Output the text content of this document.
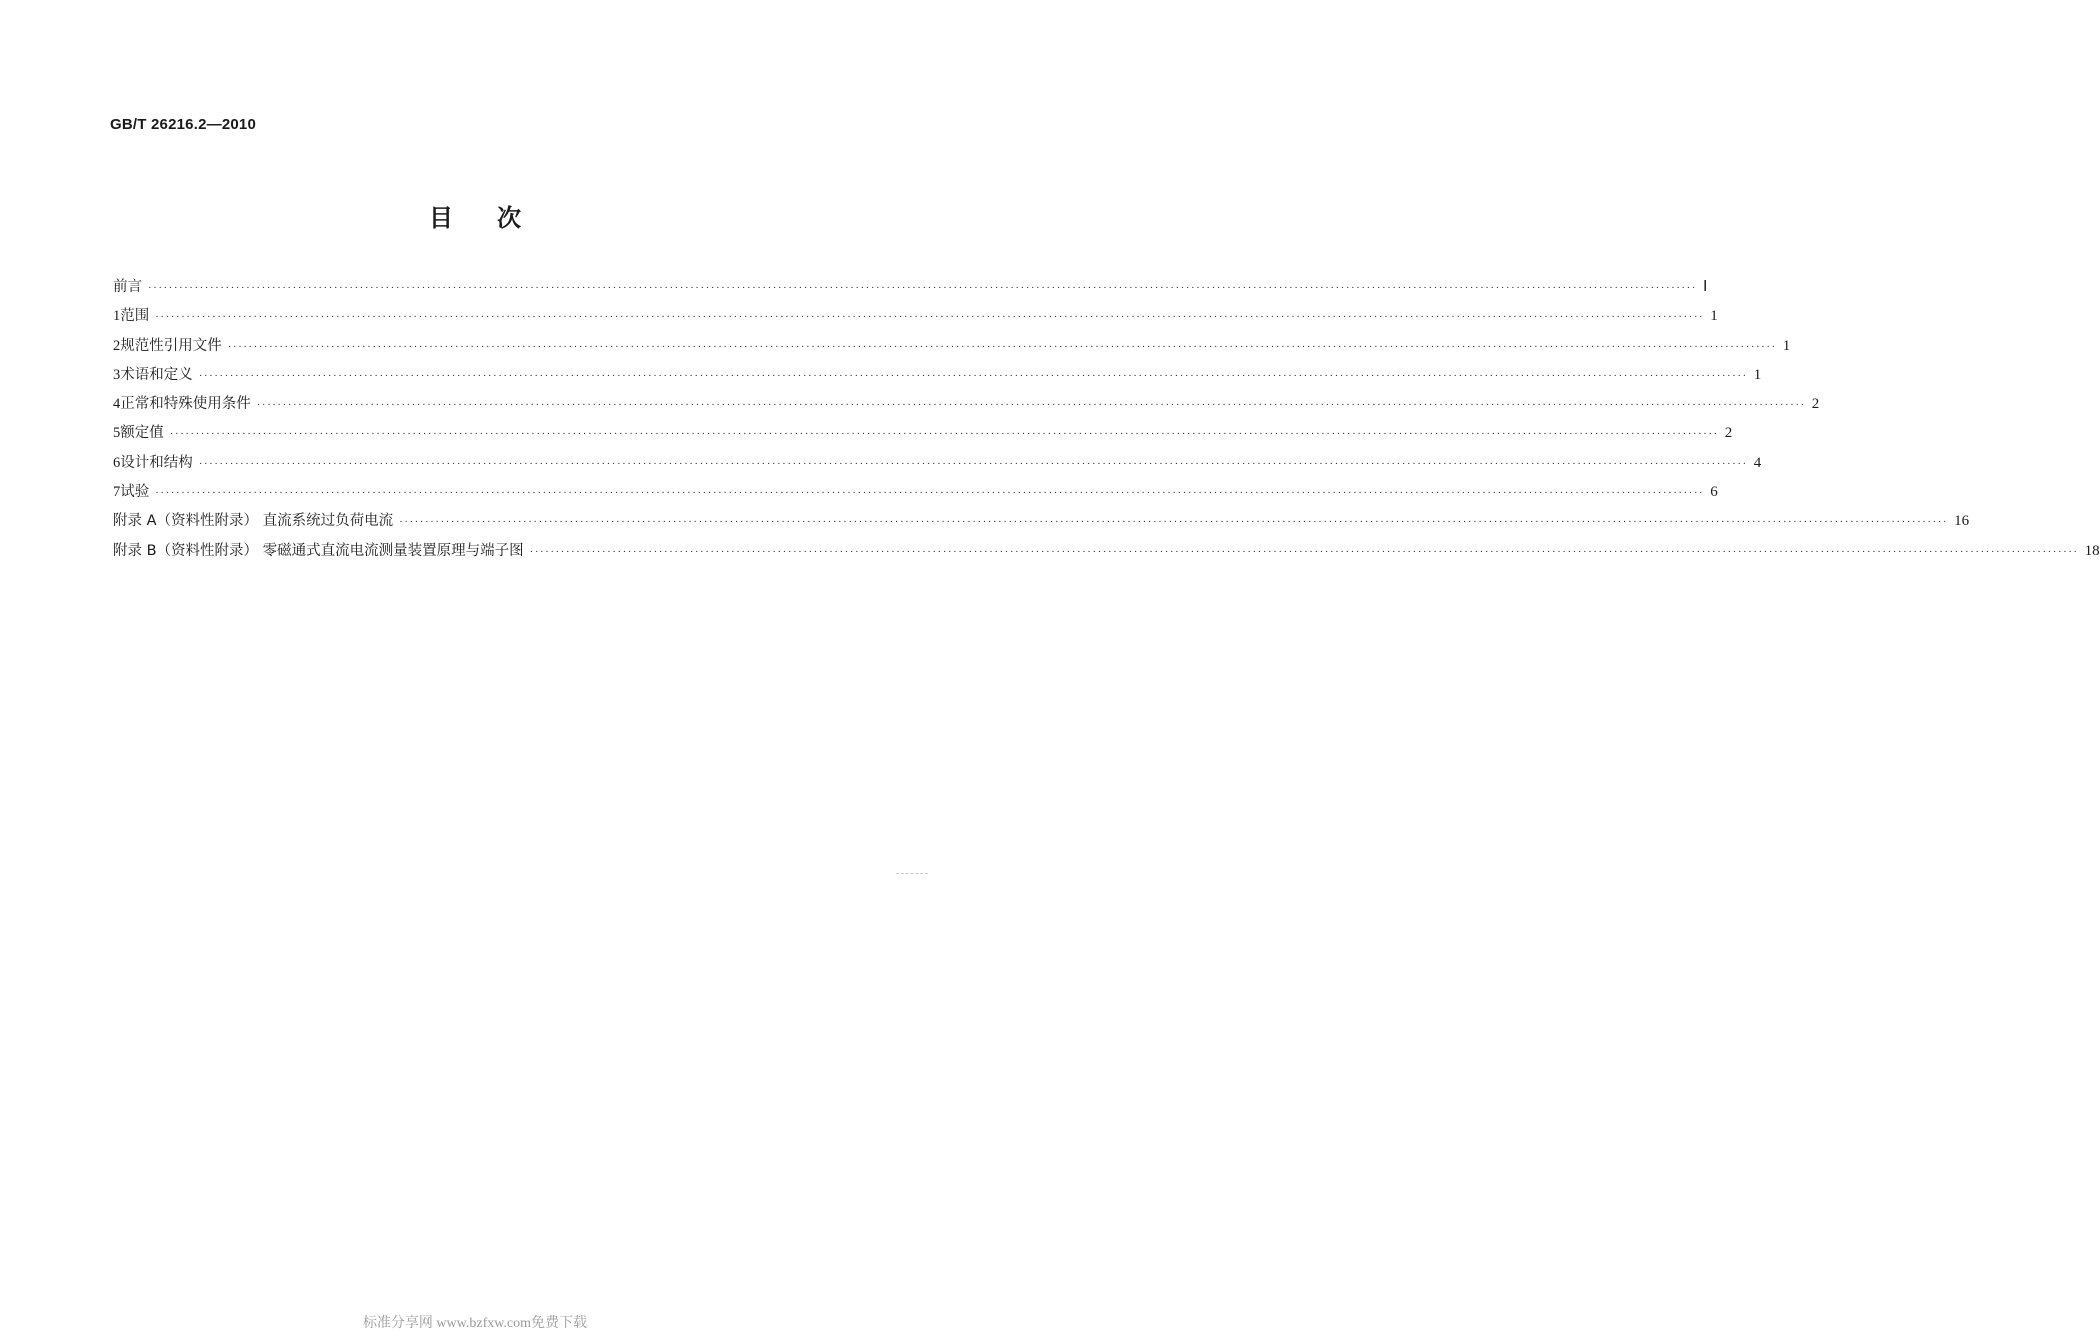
GB/T 26216.2—2010
目次
前言 ············································································································································································································································································································ Ⅰ
1 范围 ············································································································································································································································································································ 1
2 规范性引用文件 ············································································································································································································································································································ 1
3 术语和定义 ············································································································································································································································································································ 1
4 正常和特殊使用条件 ············································································································································································································································································································ 2
5 额定值 ············································································································································································································································································································ 2
6 设计和结构 ············································································································································································································································································································ 4
7 试验 ············································································································································································································································································································ 6
附录 A（资料性附录） 直流系统过负荷电流 ············································································································································································································································································································ 16
附录 B（资料性附录） 零磁通式直流电流测量装置原理与端子图 ············································································································································································································································································································ 18
标准分享网 www.bzfxw.com免费下载
